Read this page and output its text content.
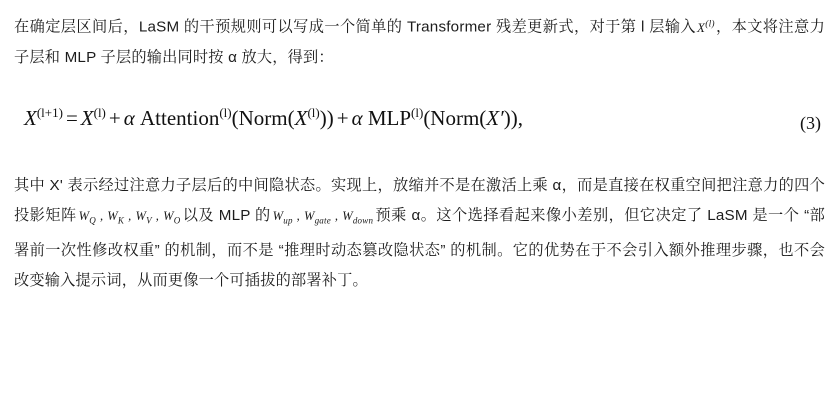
在确定层区间后，LaSM 的干预规则可以写成一个简单的 Transformer 残差更新式，对于第 l 层输入$X^{(l)}$，本文将注意力子层和 MLP 子层的输出同时按 α 放大，得到：

$X^{(l+1)} = X^{(l)} + \alpha$ $Attention^{(l)}(Norm(X^{(l)})) + \alpha$ MLP$^{(l)}$(Norm(X′)),	(3)

其中 X' 表示经过注意力子层后的中间隐状态。实现上，放缩并不是在激活上乘 α，而是直接在权重空间把注意力的四个投影矩阵 $W_Q$ , $W_K$ , $W_V$ , $W_O$ 以及 MLP 的 $W_{up}$ , $W_{gate}$ , $W_{down}$ 预乘 α。这个选择看起来像小差别，但它决定了 LaSM 是一个 “部署前一次性修改权重” 的机制，而不是 “推理时动态篡改隐状态” 的机制。它的优势在于不会引入额外推理步骤，也不会改变输入提示词，从而更像一个可插拔的部署补丁。
